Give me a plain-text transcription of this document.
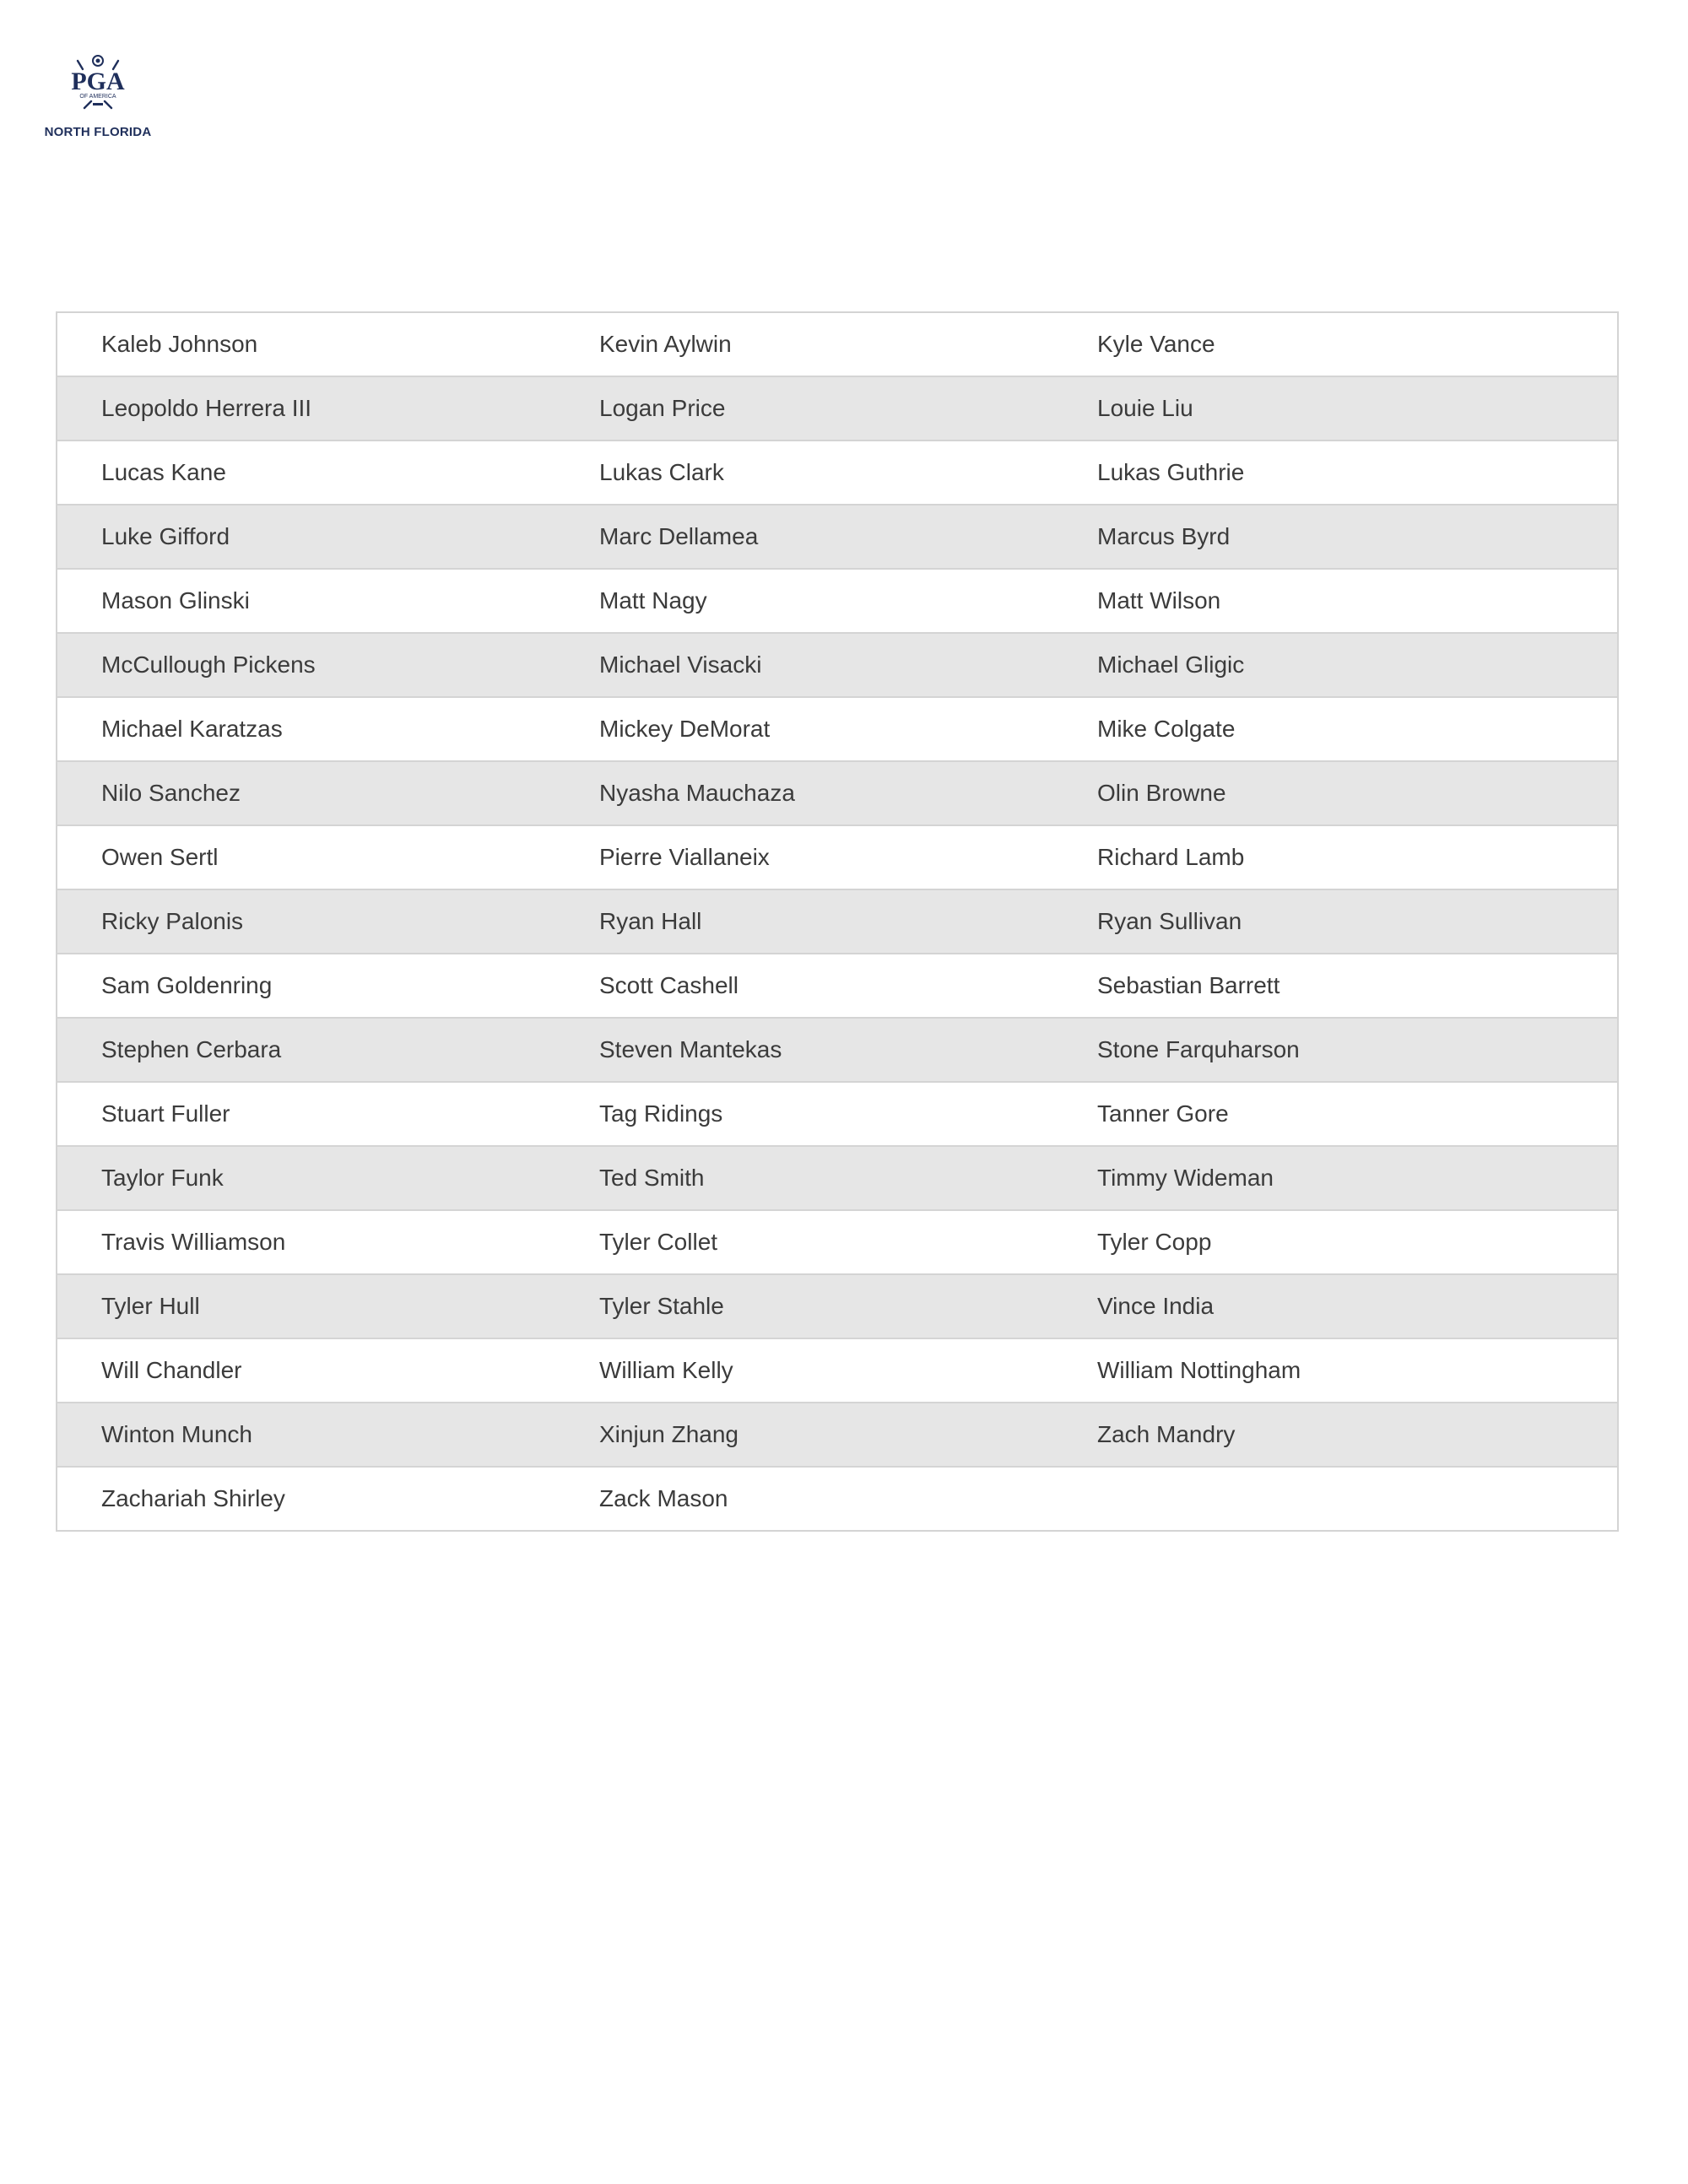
PGA
OF AMERICA
NORTH FLORIDA
Kaleb Johnson	Kevin Aylwin	Kyle Vance
Leopoldo Herrera III	Logan Price	Louie Liu
Lucas Kane	Lukas Clark	Lukas Guthrie
Luke Gifford	Marc Dellamea	Marcus Byrd
Mason Glinski	Matt Nagy	Matt Wilson
McCullough Pickens	Michael Visacki	Michael Gligic
Michael Karatzas	Mickey DeMorat	Mike Colgate
Nilo Sanchez	Nyasha Mauchaza	Olin Browne
Owen Sertl	Pierre Viallaneix	Richard Lamb
Ricky Palonis	Ryan Hall	Ryan Sullivan
Sam Goldenring	Scott Cashell	Sebastian Barrett
Stephen Cerbara	Steven Mantekas	Stone Farquharson
Stuart Fuller	Tag Ridings	Tanner Gore
Taylor Funk	Ted Smith	Timmy Wideman
Travis Williamson	Tyler Collet	Tyler Copp
Tyler Hull	Tyler Stahle	Vince India
Will Chandler	William Kelly	William Nottingham
Winton Munch	Xinjun Zhang	Zach Mandry
Zachariah Shirley	Zack Mason
